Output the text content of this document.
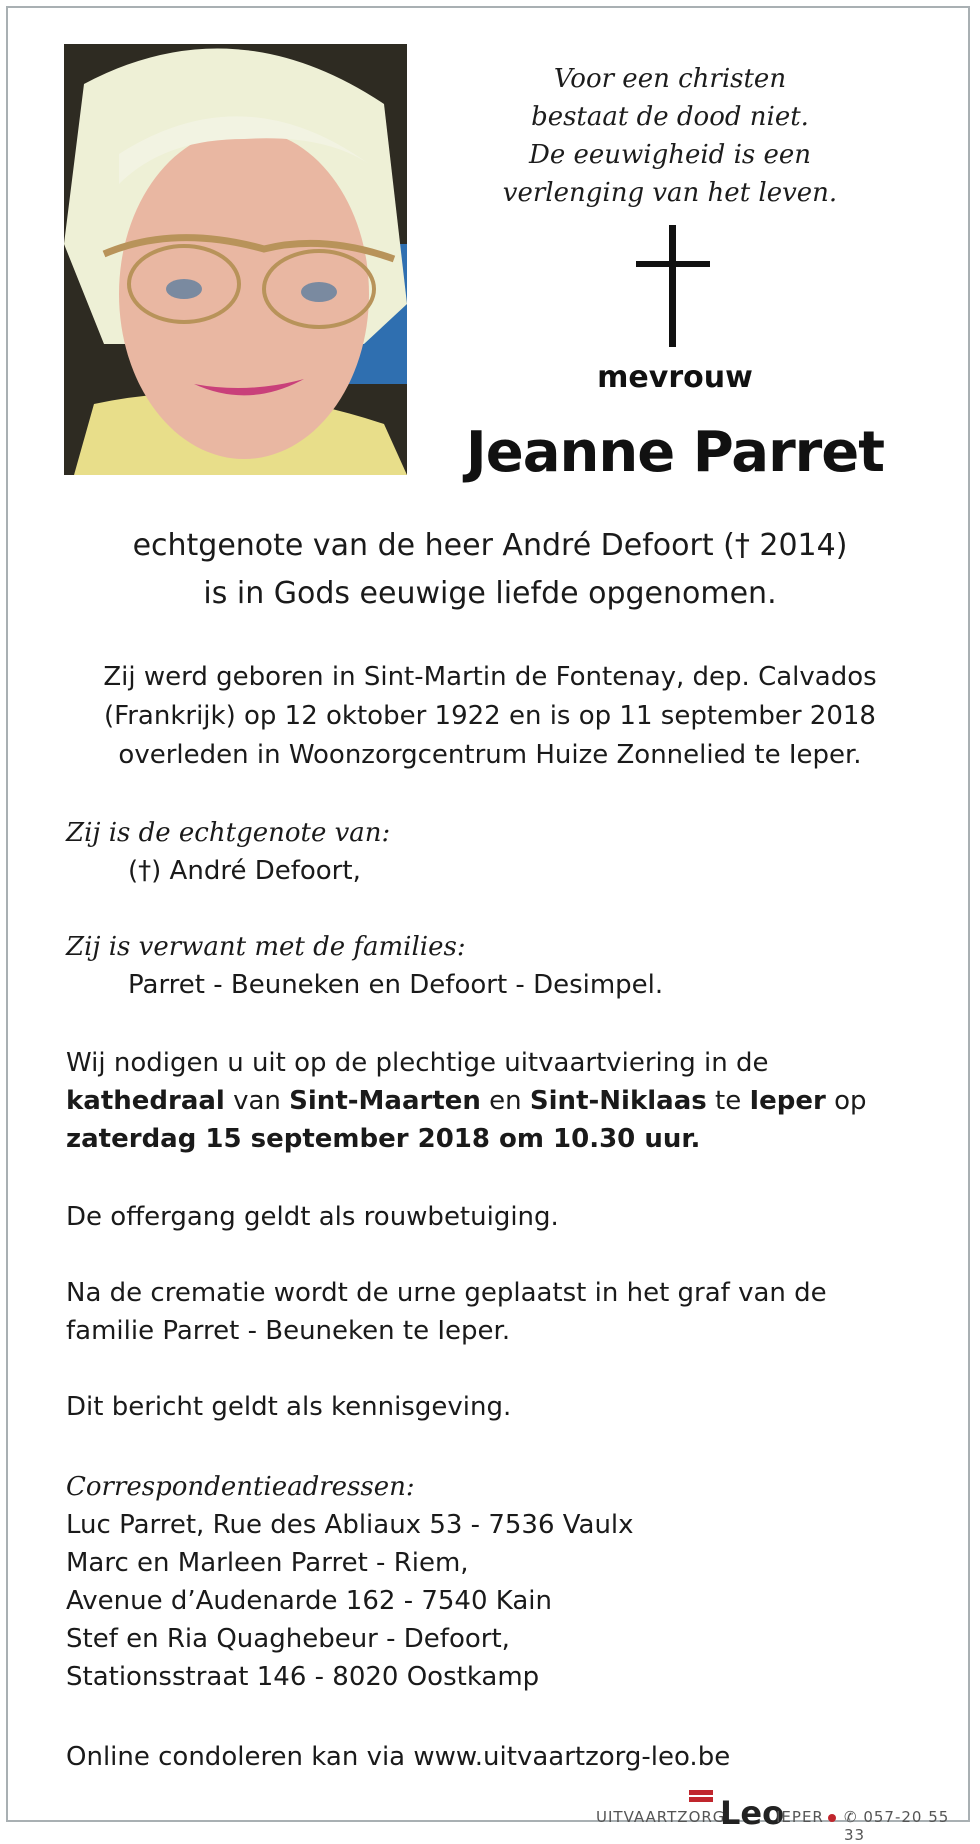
Voor een christen
bestaat de dood niet.
De eeuwigheid is een
verlenging van het leven.
mevrouw
Jeanne Parret
echtgenote van de heer André Defoort († 2014)
is in Gods eeuwige liefde opgenomen.
Zij werd geboren in Sint-Martin de Fontenay, dep. Calvados
(Frankrijk) op 12 oktober 1922 en is op 11 september 2018
overleden in Woonzorgcentrum Huize Zonnelied te Ieper.
Zij is de echtgenote van:
(†) André Defoort,
Zij is verwant met de families:
Parret - Beuneken en Defoort - Desimpel.
Wij nodigen u uit op de plechtige uitvaartviering in de
kathedraal van Sint-Maarten en Sint-Niklaas te Ieper op
zaterdag 15 september 2018 om 10.30 uur.
De offergang geldt als rouwbetuiging.
Na de crematie wordt de urne geplaatst in het graf van de
familie Parret - Beuneken te Ieper.
Dit bericht geldt als kennisgeving.
Correspondentieadressen:
Luc Parret, Rue des Abliaux 53 - 7536 Vaulx
Marc en Marleen Parret - Riem,
Avenue d’Audenarde 162 - 7540 Kain
Stef en Ria Quaghebeur - Defoort,
Stationsstraat 146 - 8020 Oostkamp
Online condoleren kan via www.uitvaartzorg-leo.be
UITVAARTZORG
Leo
IEPER ✆ 057-20 55 33
